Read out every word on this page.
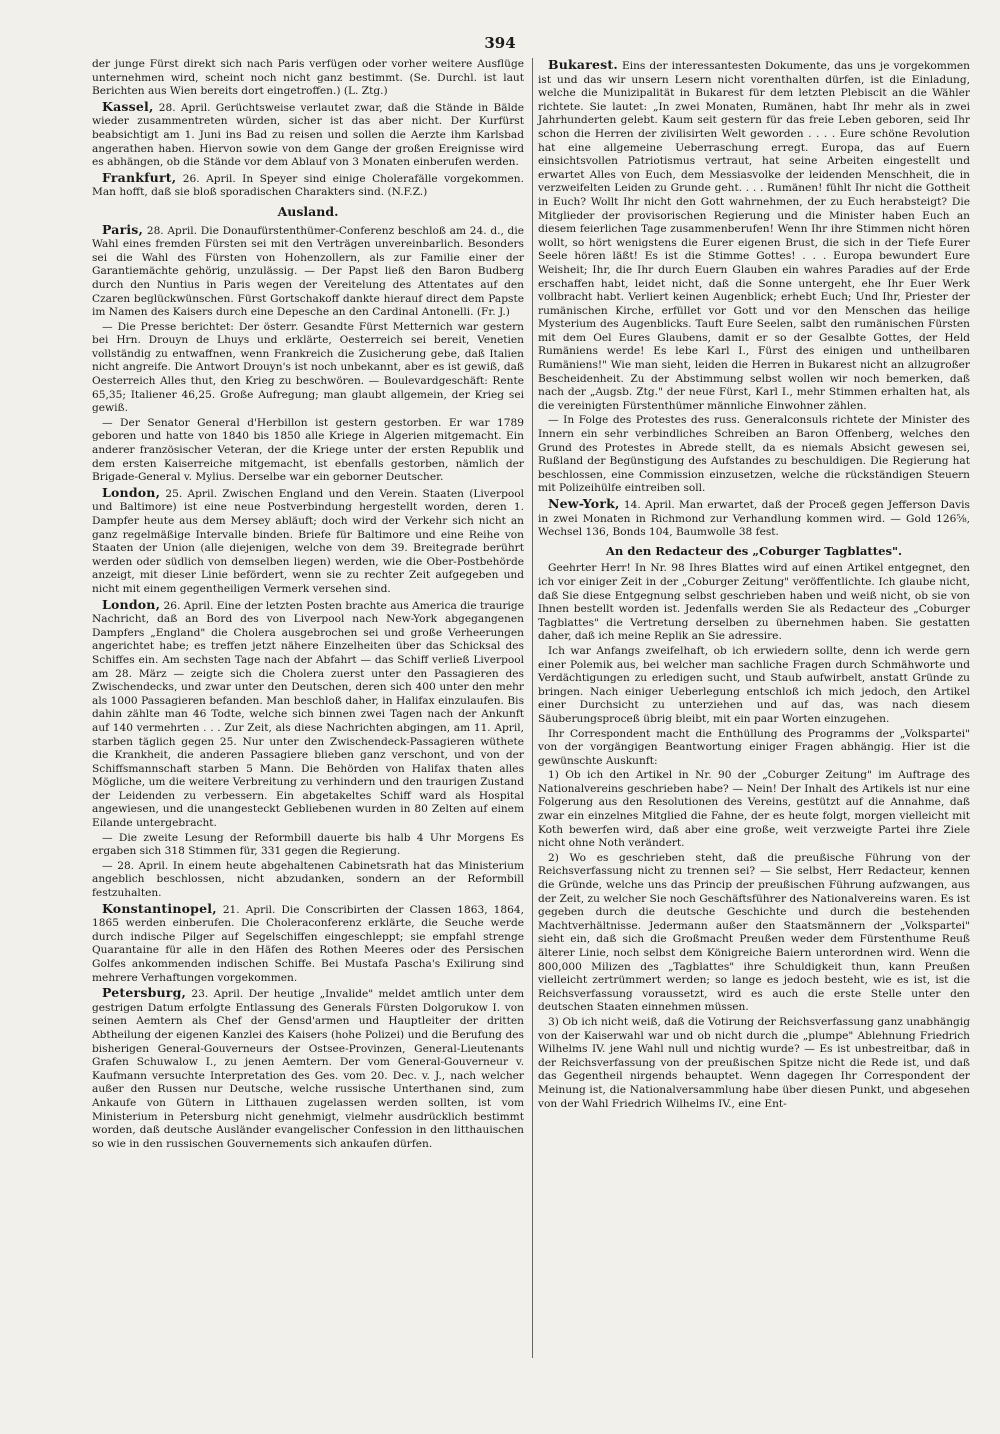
394

der junge Fürst direkt sich nach Paris verfügen oder vorher weitere Ausflüge unternehmen wird, scheint noch nicht ganz bestimmt. (Se. Durchl. ist laut Berichten aus Wien bereits dort eingetroffen.) (L. Ztg.)

Kassel, 28. April. Gerüchtsweise verlautet zwar, daß die Stände in Bälde wieder zusammentreten würden, sicher ist das aber nicht. Der Kurfürst beabsichtigt am 1. Juni ins Bad zu reisen und sollen die Aerzte ihm Karlsbad angerathen haben. Hiervon sowie von dem Gange der großen Ereignisse wird es abhängen, ob die Stände vor dem Ablauf von 3 Monaten einberufen werden.

Frankfurt, 26. April. In Speyer sind einige Cholerafälle vorgekommen. Man hofft, daß sie bloß sporadischen Charakters sind. (N.F.Z.)

Ausland.

Paris, 28. April. Die Donaufürstenthümer-Conferenz beschloß am 24. d., die Wahl eines fremden Fürsten sei mit den Verträgen unvereinbarlich. Besonders sei die Wahl des Fürsten von Hohenzollern, als zur Familie einer der Garantiemächte gehörig, unzulässig. — Der Papst ließ den Baron Budberg durch den Nuntius in Paris wegen der Vereitelung des Attentates auf den Czaren beglückwünschen. Fürst Gortschakoff dankte hierauf direct dem Papste im Namen des Kaisers durch eine Depesche an den Cardinal Antonelli. (Fr. J.)

— Die Presse berichtet: Der österr. Gesandte Fürst Metternich war gestern bei Hrn. Drouyn de Lhuys und erklärte, Oesterreich sei bereit, Venetien vollständig zu entwaffnen, wenn Frankreich die Zusicherung gebe, daß Italien nicht angreife. Die Antwort Drouyn's ist noch unbekannt, aber es ist gewiß, daß Oesterreich Alles thut, den Krieg zu beschwören. — Boulevardgeschäft: Rente 65,35; Italiener 46,25. Große Aufregung; man glaubt allgemein, der Krieg sei gewiß.

— Der Senator General d'Herbillon ist gestern gestorben. Er war 1789 geboren und hatte von 1840 bis 1850 alle Kriege in Algerien mitgemacht. Ein anderer französischer Veteran, der die Kriege unter der ersten Republik und dem ersten Kaiserreiche mitgemacht, ist ebenfalls gestorben, nämlich der Brigade-General v. Mylius. Derselbe war ein geborner Deutscher.

London, 25. April. Zwischen England und den Verein. Staaten (Liverpool und Baltimore) ist eine neue Postverbindung hergestellt worden, deren 1. Dampfer heute aus dem Mersey abläuft; doch wird der Verkehr sich nicht an ganz regelmäßige Intervalle binden. Briefe für Baltimore und eine Reihe von Staaten der Union (alle diejenigen, welche von dem 39. Breitegrade berührt werden oder südlich von demselben liegen) werden, wie die Ober-Postbehörde anzeigt, mit dieser Linie befördert, wenn sie zu rechter Zeit aufgegeben und nicht mit einem gegentheiligen Vermerk versehen sind.

London, 26. April. Eine der letzten Posten brachte aus America die traurige Nachricht, daß an Bord des von Liverpool nach New-York abgegangenen Dampfers „England" die Cholera ausgebrochen sei und große Verheerungen angerichtet habe; es treffen jetzt nähere Einzelheiten über das Schicksal des Schiffes ein. Am sechsten Tage nach der Abfahrt — das Schiff verließ Liverpool am 28. März — zeigte sich die Cholera zuerst unter den Passagieren des Zwischendecks, und zwar unter den Deutschen, deren sich 400 unter den mehr als 1000 Passagieren befanden. Man beschloß daher, in Halifax einzulaufen. Bis dahin zählte man 46 Todte, welche sich binnen zwei Tagen nach der Ankunft auf 140 vermehrten . . . Zur Zeit, als diese Nachrichten abgingen, am 11. April, starben täglich gegen 25. Nur unter den Zwischendeck-Passagieren wüthete die Krankheit, die anderen Passagiere blieben ganz verschont, und von der Schiffsmannschaft starben 5 Mann. Die Behörden von Halifax thaten alles Mögliche, um die weitere Verbreitung zu verhindern und den traurigen Zustand der Leidenden zu verbessern. Ein abgetakeltes Schiff ward als Hospital angewiesen, und die unangesteckt Gebliebenen wurden in 80 Zelten auf einem Eilande untergebracht.

— Die zweite Lesung der Reformbill dauerte bis halb 4 Uhr Morgens Es ergaben sich 318 Stimmen für, 331 gegen die Regierung.

— 28. April. In einem heute abgehaltenen Cabinetsrath hat das Ministerium angeblich beschlossen, nicht abzudanken, sondern an der Reformbill festzuhalten.

Konstantinopel, 21. April. Die Conscribirten der Classen 1863, 1864, 1865 werden einberufen. Die Choleraconferenz erklärte, die Seuche werde durch indische Pilger auf Segelschiffen eingeschleppt; sie empfahl strenge Quarantaine für alle in den Häfen des Rothen Meeres oder des Persischen Golfes ankommenden indischen Schiffe. Bei Mustafa Pascha's Exilirung sind mehrere Verhaftungen vorgekommen.

Petersburg, 23. April. Der heutige „Invalide" meldet amtlich unter dem gestrigen Datum erfolgte Entlassung des Generals Fürsten Dolgorukow I. von seinen Aemtern als Chef der Gensd'armen und Hauptleiter der dritten Abtheilung der eigenen Kanzlei des Kaisers (hohe Polizei) und die Berufung des bisherigen General-Gouverneurs der Ostsee-Provinzen, General-Lieutenants Grafen Schuwalow I., zu jenen Aemtern. Der vom General-Gouverneur v. Kaufmann versuchte Interpretation des Ges. vom 20. Dec. v. J., nach welcher außer den Russen nur Deutsche, welche russische Unterthanen sind, zum Ankaufe von Gütern in Litthauen zugelassen werden sollten, ist vom Ministerium in Petersburg nicht genehmigt, vielmehr ausdrücklich bestimmt worden, daß deutsche Ausländer evangelischer Confession in den litthauischen so wie in den russischen Gouvernements sich ankaufen dürfen.

Bukarest. Eins der interessantesten Dokumente, das uns je vorgekommen ist und das wir unsern Lesern nicht vorenthalten dürfen, ist die Einladung, welche die Munizipalität in Bukarest für dem letzten Plebiscit an die Wähler richtete. Sie lautet: „In zwei Monaten, Rumänen, habt Ihr mehr als in zwei Jahrhunderten gelebt. Kaum seit gestern für das freie Leben geboren, seid Ihr schon die Herren der zivilisirten Welt geworden . . . . Eure schöne Revolution hat eine allgemeine Ueberraschung erregt. Europa, das auf Euern einsichtsvollen Patriotismus vertraut, hat seine Arbeiten eingestellt und erwartet Alles von Euch, dem Messiasvolke der leidenden Menschheit, die in verzweifelten Leiden zu Grunde geht. . . . Rumänen! fühlt Ihr nicht die Gottheit in Euch? Wollt Ihr nicht den Gott wahrnehmen, der zu Euch herabsteigt? Die Mitglieder der provisorischen Regierung und die Minister haben Euch an diesem feierlichen Tage zusammenberufen! Wenn Ihr ihre Stimmen nicht hören wollt, so hört wenigstens die Eurer eigenen Brust, die sich in der Tiefe Eurer Seele hören läßt! Es ist die Stimme Gottes! . . . Europa bewundert Eure Weisheit; Ihr, die Ihr durch Euern Glauben ein wahres Paradies auf der Erde erschaffen habt, leidet nicht, daß die Sonne untergeht, ehe Ihr Euer Werk vollbracht habt. Verliert keinen Augenblick; erhebt Euch; Und Ihr, Priester der rumänischen Kirche, erfüllet vor Gott und vor den Menschen das heilige Mysterium des Augenblicks. Tauft Eure Seelen, salbt den rumänischen Fürsten mit dem Oel Eures Glaubens, damit er so der Gesalbte Gottes, der Held Rumäniens werde! Es lebe Karl I., Fürst des einigen und untheilbaren Rumäniens!" Wie man sieht, leiden die Herren in Bukarest nicht an allzugroßer Bescheidenheit. Zu der Abstimmung selbst wollen wir noch bemerken, daß nach der „Augsb. Ztg." der neue Fürst, Karl I., mehr Stimmen erhalten hat, als die vereinigten Fürstenthümer männliche Einwohner zählen.

— In Folge des Protestes des russ. Generalconsuls richtete der Minister des Innern ein sehr verbindliches Schreiben an Baron Offenberg, welches den Grund des Protestes in Abrede stellt, da es niemals Absicht gewesen sei, Rußland der Begünstigung des Aufstandes zu beschuldigen. Die Regierung hat beschlossen, eine Commission einzusetzen, welche die rückständigen Steuern mit Polizeihülfe eintreiben soll.

New-York, 14. April. Man erwartet, daß der Proceß gegen Jefferson Davis in zwei Monaten in Richmond zur Verhandlung kommen wird. — Gold 126⅝, Wechsel 136, Bonds 104, Baumwolle 38 fest.

An den Redacteur des „Coburger Tagblattes".

Geehrter Herr! In Nr. 98 Ihres Blattes wird auf einen Artikel entgegnet, den ich vor einiger Zeit in der „Coburger Zeitung" veröffentlichte. Ich glaube nicht, daß Sie diese Entgegnung selbst geschrieben haben und weiß nicht, ob sie von Ihnen bestellt worden ist. Jedenfalls werden Sie als Redacteur des „Coburger Tagblattes" die Vertretung derselben zu übernehmen haben. Sie gestatten daher, daß ich meine Replik an Sie adressire.

Ich war Anfangs zweifelhaft, ob ich erwiedern sollte, denn ich werde gern einer Polemik aus, bei welcher man sachliche Fragen durch Schmähworte und Verdächtigungen zu erledigen sucht, und Staub aufwirbelt, anstatt Gründe zu bringen. Nach einiger Ueberlegung entschloß ich mich jedoch, den Artikel einer Durchsicht zu unterziehen und auf das, was nach diesem Säuberungsproceß übrig bleibt, mit ein paar Worten einzugehen.

Ihr Correspondent macht die Enthüllung des Programms der „Volkspartei" von der vorgängigen Beantwortung einiger Fragen abhängig. Hier ist die gewünschte Auskunft:

1) Ob ich den Artikel in Nr. 90 der „Coburger Zeitung" im Auftrage des Nationalvereins geschrieben habe? — Nein! Der Inhalt des Artikels ist nur eine Folgerung aus den Resolutionen des Vereins, gestützt auf die Annahme, daß zwar ein einzelnes Mitglied die Fahne, der es heute folgt, morgen vielleicht mit Koth bewerfen wird, daß aber eine große, weit verzweigte Partei ihre Ziele nicht ohne Noth verändert.

2) Wo es geschrieben steht, daß die preußische Führung von der Reichsverfassung nicht zu trennen sei? — Sie selbst, Herr Redacteur, kennen die Gründe, welche uns das Princip der preußischen Führung aufzwangen, aus der Zeit, zu welcher Sie noch Geschäftsführer des Nationalvereins waren. Es ist gegeben durch die deutsche Geschichte und durch die bestehenden Machtverhältnisse. Jedermann außer den Staatsmännern der „Volkspartei" sieht ein, daß sich die Großmacht Preußen weder dem Fürstenthume Reuß älterer Linie, noch selbst dem Königreiche Baiern unterordnen wird. Wenn die 800,000 Milizen des „Tagblattes" ihre Schuldigkeit thun, kann Preußen vielleicht zertrümmert werden; so lange es jedoch besteht, wie es ist, ist die Reichsverfassung voraussetzt, wird es auch die erste Stelle unter den deutschen Staaten einnehmen müssen.

3) Ob ich nicht weiß, daß die Votirung der Reichsverfassung ganz unabhängig von der Kaiserwahl war und ob nicht durch die „plumpe" Ablehnung Friedrich Wilhelms IV. jene Wahl null und nichtig wurde? — Es ist unbestreitbar, daß in der Reichsverfassung von der preußischen Spitze nicht die Rede ist, und daß das Gegentheil nirgends behauptet. Wenn dagegen Ihr Correspondent der Meinung ist, die Nationalversammlung habe über diesen Punkt, und abgesehen von der Wahl Friedrich Wilhelms IV., eine Ent-
